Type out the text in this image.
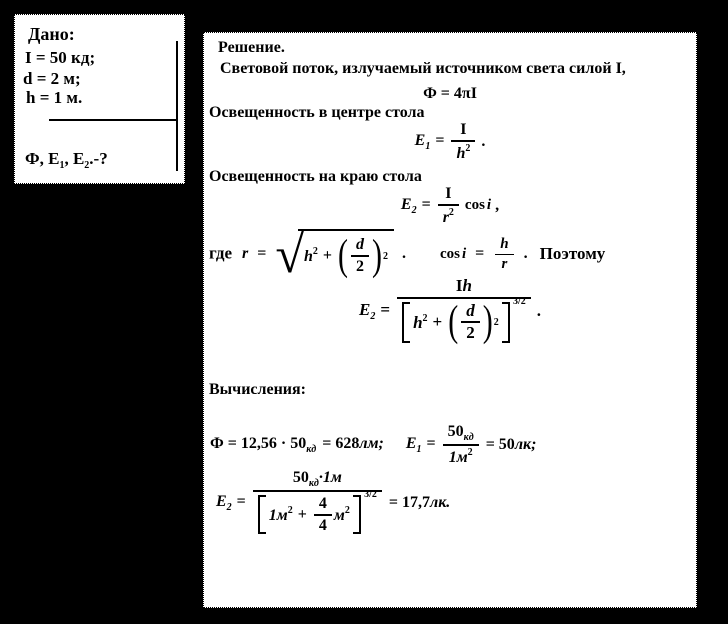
Дано:
I = 50 кд;
d = 2 м;
h = 1 м.
Ф, $E_1$, $E_2.-$?
Решение.
Световой поток, излучаемый источником света силой I,
Ф = 4πI
Освещенность в центре стола
$E_1 = \frac{I}{h^2}$ .
Освещенность на краю стола
$E_2 = \frac{I}{r^2}$ cos i ,
где r = √ $h^2$ + ( $\frac{d}{2}$ ) 2 . $\cos i = \frac{h}{r}$ . Поэтому
$E_2 = Ih$
$h^2$ + ( $\frac{d}{2}$ ) 2
3/2 .
Вычисления:
$Ф = 12,56 \cdot 50_{кд} = 628лм$; $E_1 = \frac{50_{кд}}{1м^2} = 50лк$;
$E_2 = 50_{кд}\cdot 1м$
$1м^2 + \frac{4}{4} м^2$
3/2 = 17,7лк.
